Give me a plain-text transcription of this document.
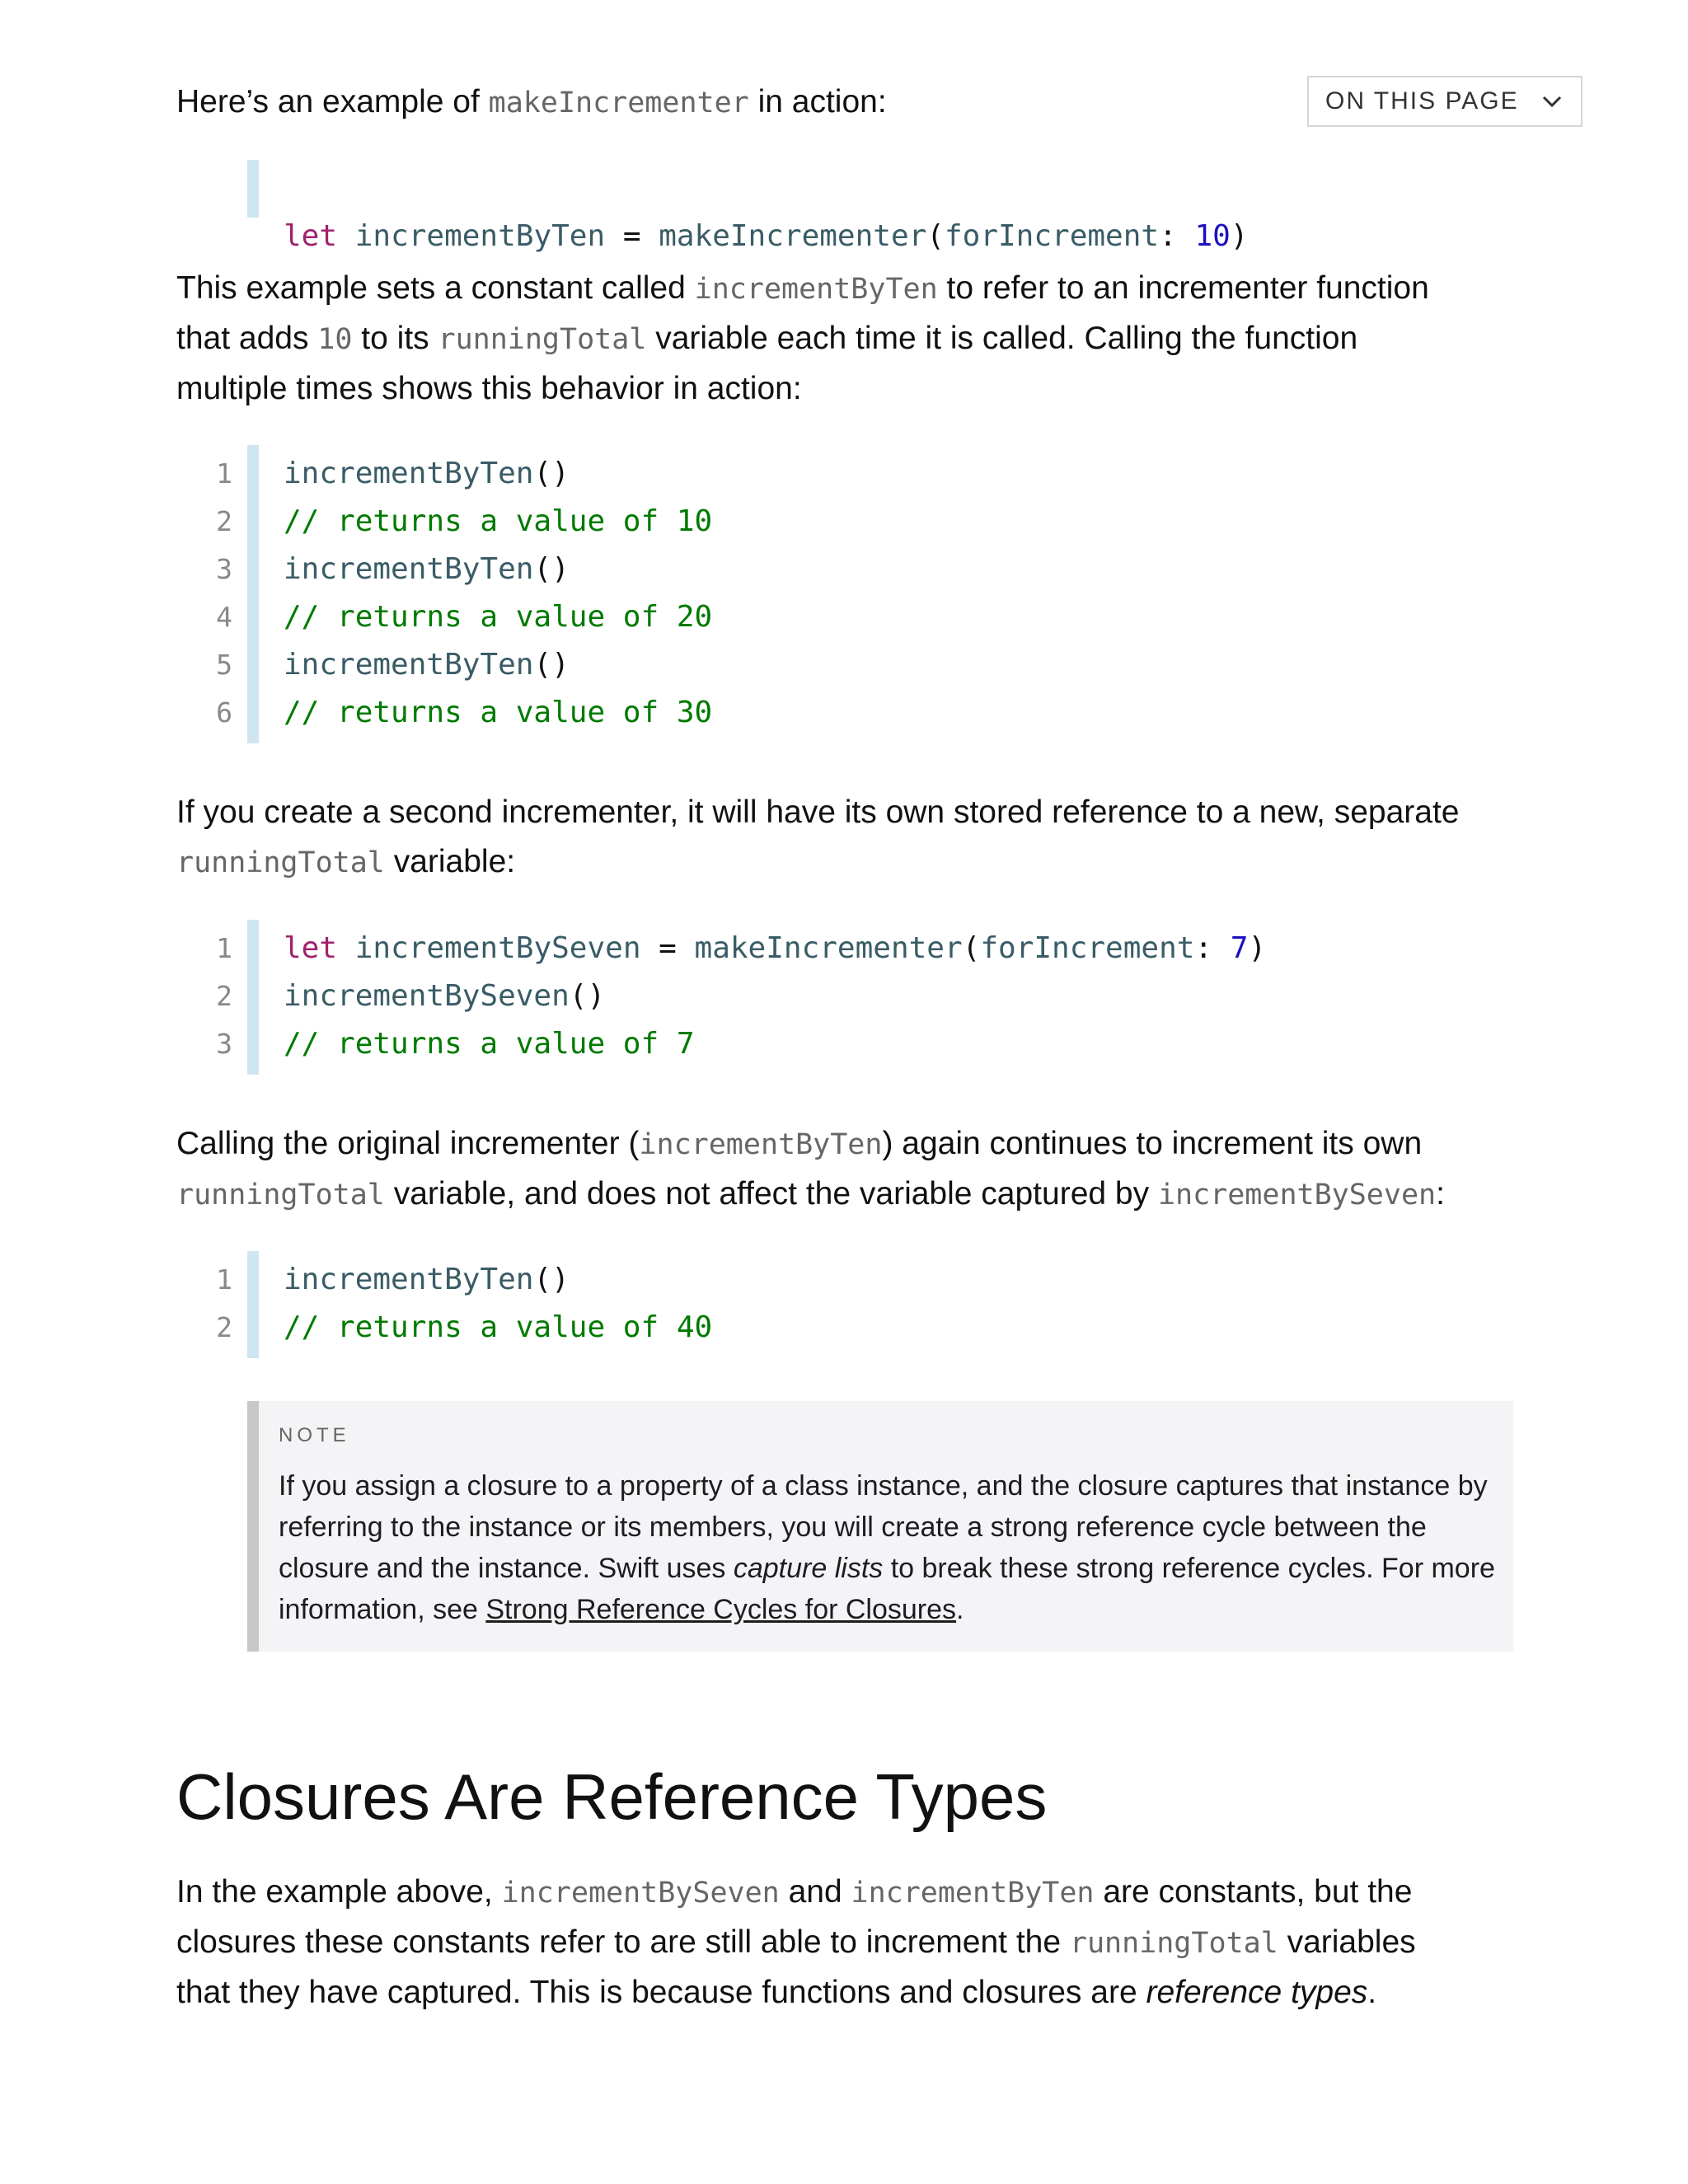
ON THIS PAGE
Here’s an example of makeIncrementer in action:

let incrementByTen = makeIncrementer(forIncrement: 10)

This example sets a constant called incrementByTen to refer to an incrementer function
that adds 10 to its runningTotal variable each time it is called. Calling the function
multiple times shows this behavior in action:
1 incrementByTen()
2 // returns a value of 10
3 incrementByTen()
4 // returns a value of 20
5 incrementByTen()
6 // returns a value of 30
If you create a second incrementer, it will have its own stored reference to a new, separate
runningTotal variable:
1 let incrementBySeven = makeIncrementer(forIncrement: 7)
2 incrementBySeven()
3 // returns a value of 7
Calling the original incrementer (incrementByTen) again continues to increment its own
runningTotal variable, and does not affect the variable captured by incrementBySeven:
1 incrementByTen()
2 // returns a value of 40
NOTE
If you assign a closure to a property of a class instance, and the closure captures that instance by referring to the instance or its members, you will create a strong reference cycle between the closure and the instance. Swift uses capture lists to break these strong reference cycles. For more information, see Strong Reference Cycles for Closures.
Closures Are Reference Types
In the example above, incrementBySeven and incrementByTen are constants, but the
closures these constants refer to are still able to increment the runningTotal variables
that they have captured. This is because functions and closures are reference types.
